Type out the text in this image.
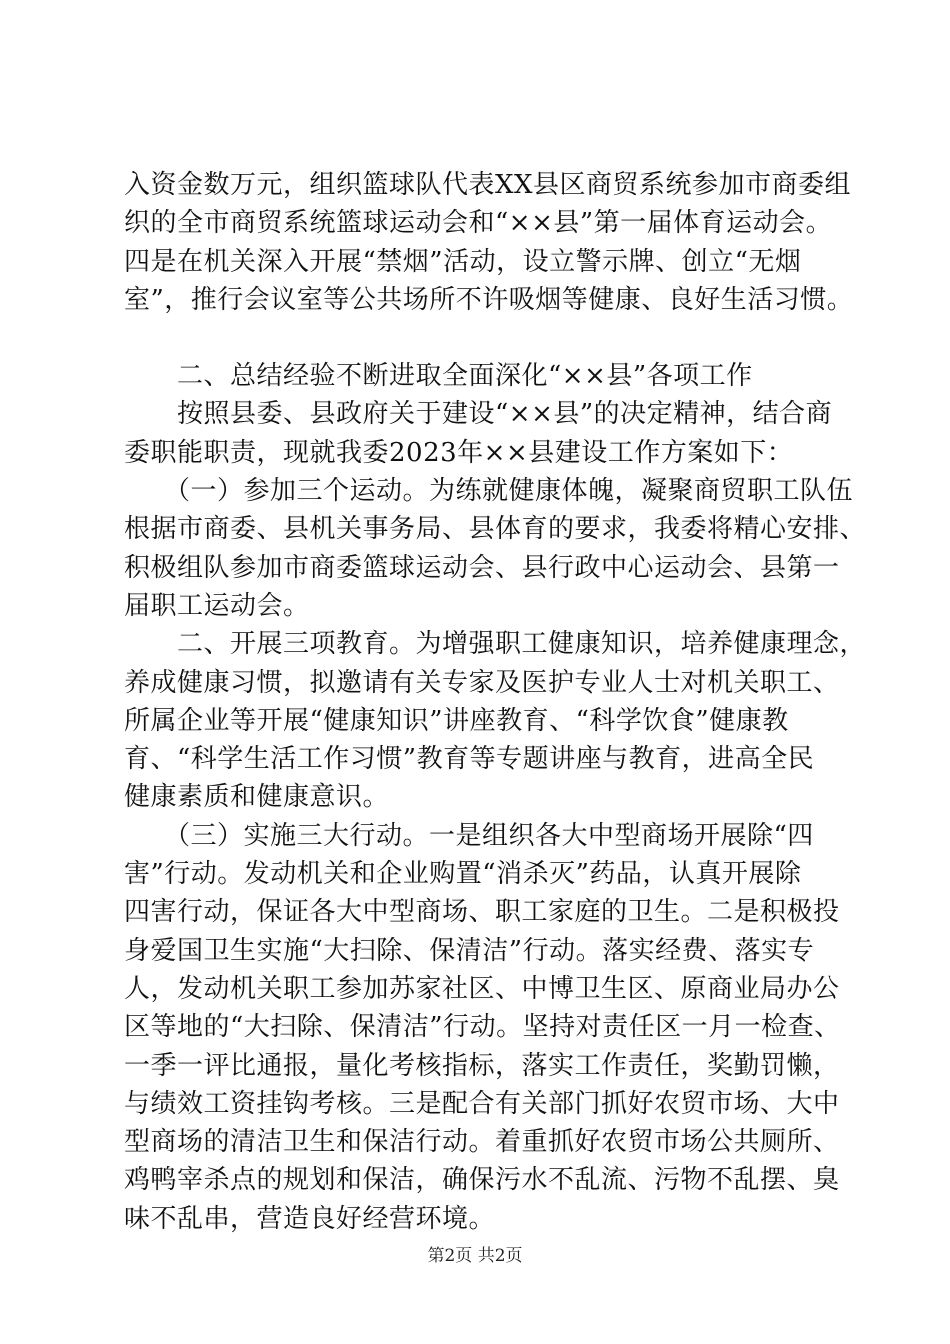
入资金数万元，组织篮球队代表XX县区商贸系统参加市商委组
织的全市商贸系统篮球运动会和“××县”第一届体育运动会。
四是在机关深入开展“禁烟”活动，设立警示牌、创立“无烟
室”，推行会议室等公共场所不许吸烟等健康、良好生活习惯。
　　二、总结经验不断进取全面深化“××县”各项工作
　　按照县委、县政府关于建设“××县”的决定精神，结合商
委职能职责，现就我委2023年××县建设工作方案如下：
　　（一）参加三个运动。为练就健康体魄，凝聚商贸职工队伍
根据市商委、县机关事务局、县体育的要求，我委将精心安排、
积极组队参加市商委篮球运动会、县行政中心运动会、县第一
届职工运动会。
　　二、开展三项教育。为增强职工健康知识，培养健康理念，
养成健康习惯，拟邀请有关专家及医护专业人士对机关职工、
所属企业等开展“健康知识”讲座教育、“科学饮食”健康教
育、“科学生活工作习惯”教育等专题讲座与教育，进高全民
健康素质和健康意识。
　　（三）实施三大行动。一是组织各大中型商场开展除“四
害”行动。发动机关和企业购置“消杀灭”药品，认真开展除
四害行动，保证各大中型商场、职工家庭的卫生。二是积极投
身爱国卫生实施“大扫除、保清洁”行动。落实经费、落实专
人，发动机关职工参加苏家社区、中博卫生区、原商业局办公
区等地的“大扫除、保清洁”行动。坚持对责任区一月一检查、
一季一评比通报，量化考核指标，落实工作责任，奖勤罚懒，
与绩效工资挂钩考核。三是配合有关部门抓好农贸市场、大中
型商场的清洁卫生和保洁行动。着重抓好农贸市场公共厕所、
鸡鸭宰杀点的规划和保洁，确保污水不乱流、污物不乱摆、臭
味不乱串，营造良好经营环境。
第2页 共2页
